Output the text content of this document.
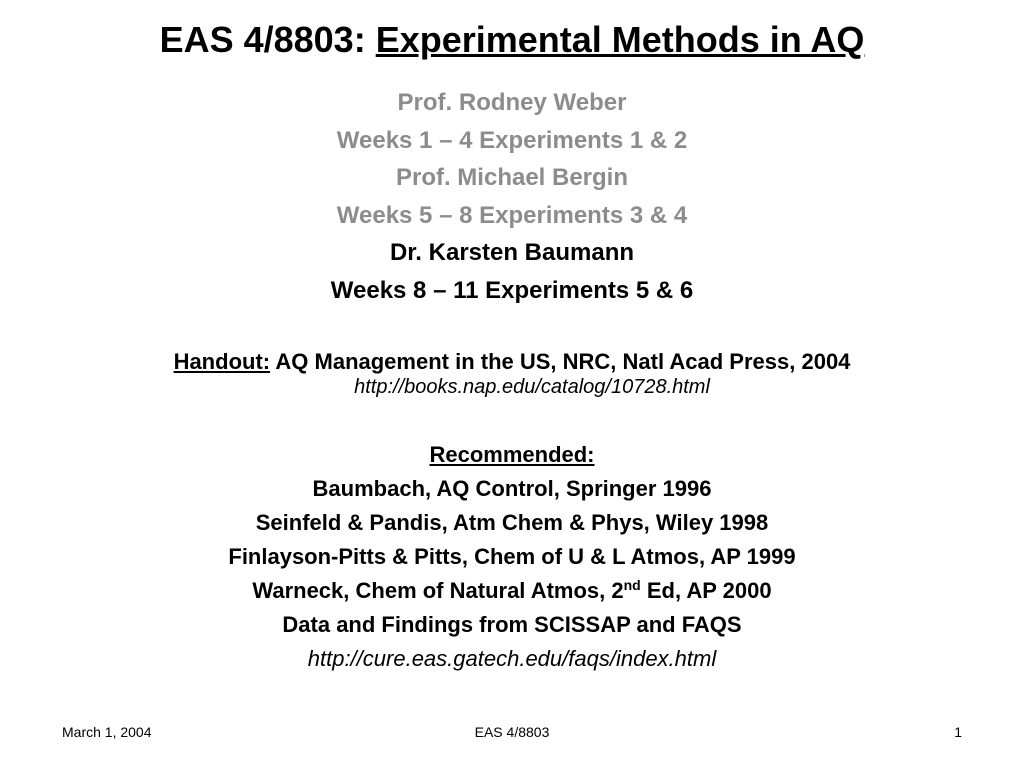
EAS 4/8803: Experimental Methods in AQ
Prof. Rodney Weber
Weeks 1 – 4 Experiments 1 & 2
Prof. Michael Bergin
Weeks 5 – 8 Experiments 3 & 4
Dr. Karsten Baumann
Weeks 8 – 11 Experiments 5 & 6
Handout: AQ Management in the US, NRC, Natl Acad Press, 2004
http://books.nap.edu/catalog/10728.html
Recommended:
Baumbach, AQ Control, Springer 1996
Seinfeld & Pandis, Atm Chem & Phys, Wiley 1998
Finlayson-Pitts & Pitts, Chem of U & L Atmos, AP 1999
Warneck, Chem of Natural Atmos, 2nd Ed, AP 2000
Data and Findings from SCISSAP and FAQS
http://cure.eas.gatech.edu/faqs/index.html
March 1, 2004	EAS 4/8803	1
